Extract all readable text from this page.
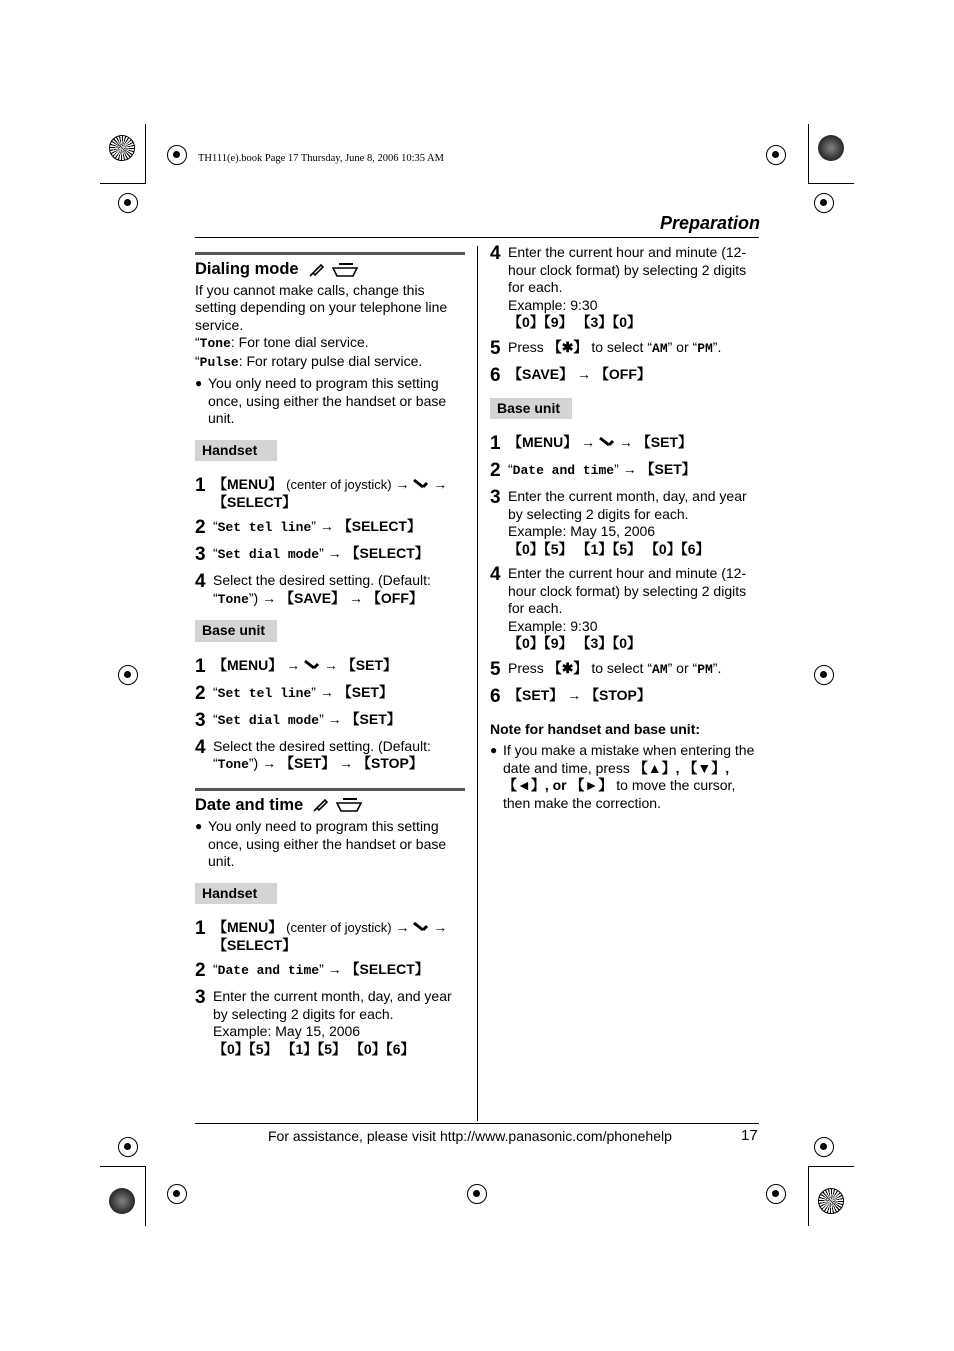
TH111(e).book Page 17 Thursday, June 8, 2006 10:35 AM
Preparation
Dialing mode

If you cannot make calls, change this setting depending on your telephone line service.

“Tone: For tone dial service.

“Pulse: For rotary pulse dial service.

● You only need to program this setting once, using either the handset or base unit.
Handset
1 【MENU】 (center of joystick) →  →
【SELECT】
2 “Set tel line” → 【SELECT】
3 “Set dial mode” → 【SELECT】
4 Select the desired setting. (Default:
“Tone”) → 【SAVE】 → 【OFF】
Base unit
1 【MENU】 →  → 【SET】
2 “Set tel line” → 【SET】
3 “Set dial mode” → 【SET】
4 Select the desired setting. (Default:
“Tone”) → 【SET】 → 【STOP】
Date and time
● You only need to program this setting once, using either the handset or base unit.
Handset
1 【MENU】 (center of joystick) →  →
【SELECT】
2 “Date and time” → 【SELECT】
3 Enter the current month, day, and year by selecting 2 digits for each.
Example: May 15, 2006
【0】【5】 【1】【5】 【0】【6】
4 Enter the current hour and minute (12-hour clock format) by selecting 2 digits for each.
Example: 9:30
【0】【9】 【3】【0】
5 Press 【✱】 to select “AM” or “PM”.
6 【SAVE】 → 【OFF】
Base unit
1 【MENU】 →  → 【SET】
2 “Date and time” → 【SET】
3 Enter the current month, day, and year by selecting 2 digits for each.
Example: May 15, 2006
【0】【5】 【1】【5】 【0】【6】
4 Enter the current hour and minute (12-hour clock format) by selecting 2 digits for each.
Example: 9:30
【0】【9】 【3】【0】
5 Press 【✱】 to select “AM” or “PM”.
6 【SET】 → 【STOP】

Note for handset and base unit:

● If you make a mistake when entering the date and time, press 【▲】, 【▼】, 【◄】, or 【►】 to move the cursor, then make the correction.
For assistance, please visit http://www.panasonic.com/phonehelp	17
